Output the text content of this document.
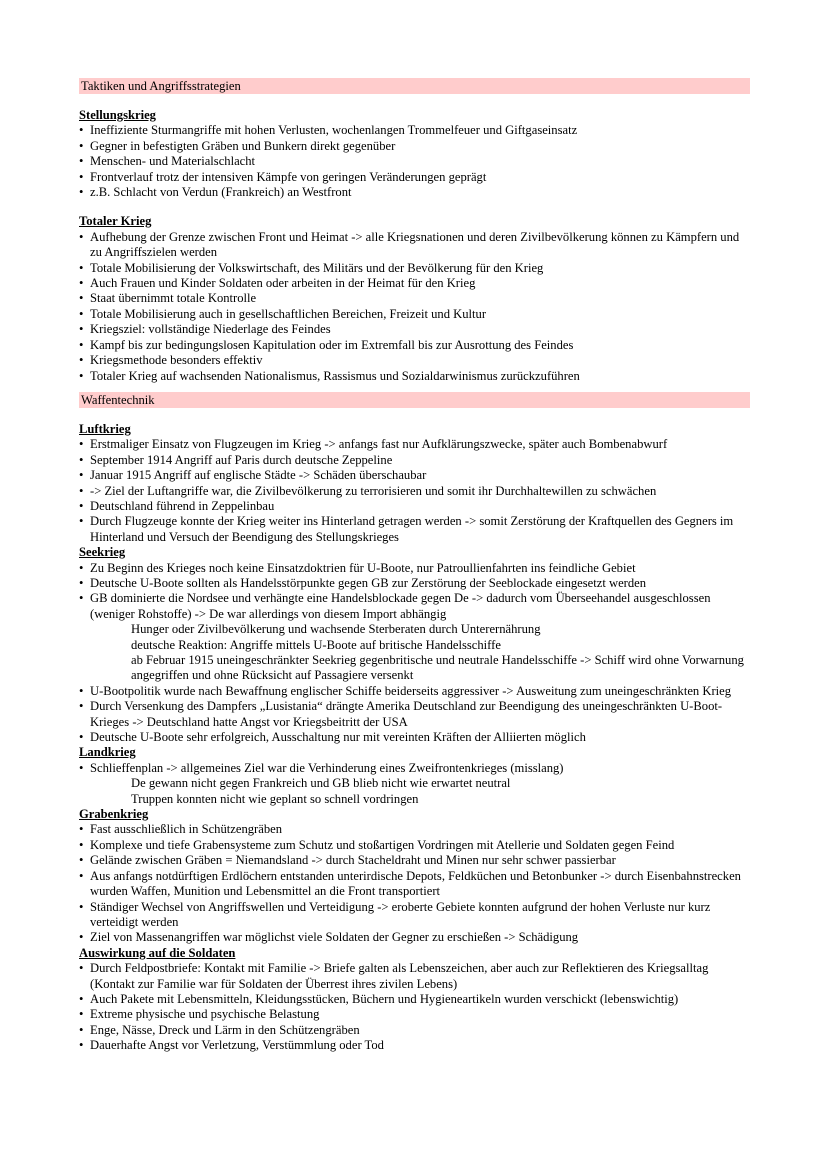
Taktiken und Angriffsstrategien

Stellungskrieg

• Ineffiziente Sturmangriffe mit hohen Verlusten, wochenlangen Trommelfeuer und Giftgaseinsatz
• Gegner in befestigten Gräben und Bunkern direkt gegenüber
• Menschen- und Materialschlacht
• Frontverlauf trotz der intensiven Kämpfe von geringen Veränderungen geprägt
• z.B. Schlacht von Verdun (Frankreich) an Westfront

Totaler Krieg

• Aufhebung der Grenze zwischen Front und Heimat -> alle Kriegsnationen und deren Zivilbevölkerung können zu Kämpfern und zu Angriffszielen werden
• Totale Mobilisierung der Volkswirtschaft, des Militärs und der Bevölkerung für den Krieg
• Auch Frauen und Kinder Soldaten oder arbeiten in der Heimat für den Krieg
• Staat übernimmt totale Kontrolle
• Totale Mobilisierung auch in gesellschaftlichen Bereichen, Freizeit und Kultur
• Kriegsziel: vollständige Niederlage des Feindes
• Kampf bis zur bedingungslosen Kapitulation oder im Extremfall bis zur Ausrottung des Feindes
• Kriegsmethode besonders effektiv
• Totaler Krieg auf wachsenden Nationalismus, Rassismus und Sozialdarwinismus zurückzuführen
Waffentechnik

Luftkrieg

• Erstmaliger Einsatz von Flugzeugen im Krieg -> anfangs fast nur Aufklärungszwecke, später auch Bombenabwurf
• September 1914 Angriff auf Paris durch deutsche Zeppeline
• Januar 1915 Angriff auf englische Städte -> Schäden überschaubar
• -> Ziel der Luftangriffe war, die Zivilbevölkerung zu terrorisieren und somit ihr Durchhaltewillen zu schwächen
• Deutschland führend in Zeppelinbau
• Durch Flugzeuge konnte der Krieg weiter ins Hinterland getragen werden -> somit Zerstörung der Kraftquellen des Gegners im Hinterland und Versuch der Beendigung des Stellungskrieges

Seekrieg

• Zu Beginn des Krieges noch keine Einsatzdoktrien für U-Boote, nur Patroullienfahrten ins feindliche Gebiet
• Deutsche U-Boote sollten als Handelsstörpunkte gegen GB zur Zerstörung der Seeblockade eingesetzt werden
• GB dominierte die Nordsee und verhängte eine Handelsblockade gegen De -> dadurch vom Überseehandel ausgeschlossen (weniger Rohstoffe) -> De war allerdings von diesem Import abhängig
Hunger oder Zivilbevölkerung und wachsende Sterberaten durch Unterernährung
deutsche Reaktion: Angriffe mittels U-Boote auf britische Handelsschiffe
ab Februar 1915 uneingeschränkter Seekrieg gegenbritische und neutrale Handelsschiffe -> Schiff wird ohne Vorwarnung angegriffen und ohne Rücksicht auf Passagiere versenkt
• U-Bootpolitik wurde nach Bewaffnung englischer Schiffe beiderseits aggressiver -> Ausweitung zum uneingeschränkten Krieg
• Durch Versenkung des Dampfers „Lusistania“ drängte Amerika Deutschland zur Beendigung des uneingeschränkten U-Boot-Krieges -> Deutschland hatte Angst vor Kriegsbeitritt der USA
• Deutsche U-Boote sehr erfolgreich, Ausschaltung nur mit vereinten Kräften der Alliierten möglich

Landkrieg

• Schlieffenplan -> allgemeines Ziel war die Verhinderung eines Zweifrontenkrieges (misslang)
De gewann nicht gegen Frankreich und GB blieb nicht wie erwartet neutral
Truppen konnten nicht wie geplant so schnell vordringen

Grabenkrieg

• Fast ausschließlich in Schützengräben
• Komplexe und tiefe Grabensysteme zum Schutz und stoßartigen Vordringen mit Atellerie und Soldaten gegen Feind
• Gelände zwischen Gräben = Niemandsland -> durch Stacheldraht und Minen nur sehr schwer passierbar
• Aus anfangs notdürftigen Erdlöchern entstanden unterirdische Depots, Feldküchen und Betonbunker -> durch Eisenbahnstrecken wurden Waffen, Munition und Lebensmittel an die Front transportiert
• Ständiger Wechsel von Angriffswellen und Verteidigung -> eroberte Gebiete konnten aufgrund der hohen Verluste nur kurz verteidigt werden
• Ziel von Massenangriffen war möglichst viele Soldaten der Gegner zu erschießen -> Schädigung

Auswirkung auf die Soldaten

• Durch Feldpostbriefe: Kontakt mit Familie -> Briefe galten als Lebenszeichen, aber auch zur Reflektieren des Kriegsalltag (Kontakt zur Familie war für Soldaten der Überrest ihres zivilen Lebens)
• Auch Pakete mit Lebensmitteln, Kleidungsstücken, Büchern und Hygieneartikeln wurden verschickt (lebenswichtig)
• Extreme physische und psychische Belastung
• Enge, Nässe, Dreck und Lärm in den Schützengräben
• Dauerhafte Angst vor Verletzung, Verstümmlung oder Tod
